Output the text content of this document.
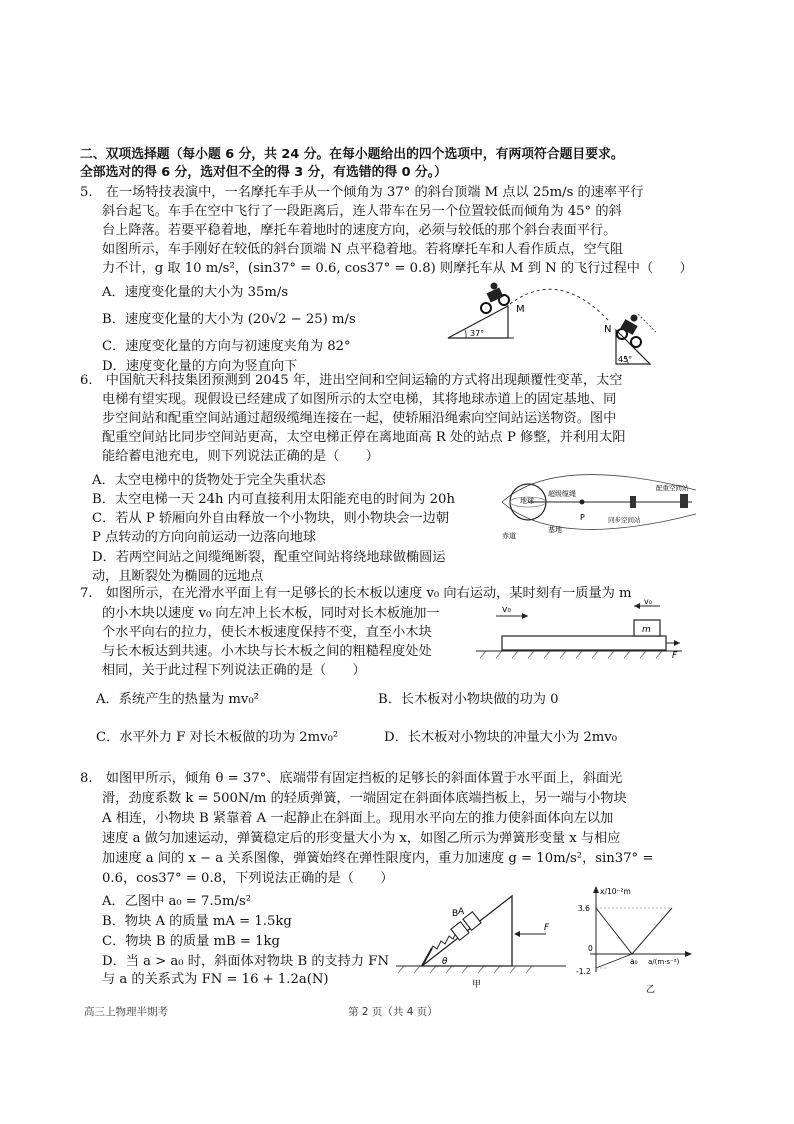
二、双项选择题（每小题 6 分，共 24 分。在每小题给出的四个选项中，有两项符合题目要求。
全部选对的得 6 分，选对但不全的得 3 分，有选错的得 0 分。）
5.　在一场特技表演中，一名摩托车手从一个倾角为 37° 的斜台顶端 M 点以 25m/s 的速率平行
斜台起飞。车手在空中飞行了一段距离后，连人带车在另一个位置较低而倾角为 45° 的斜
台上降落。若要平稳着地，摩托车着地时的速度方向，必须与较低的那个斜台表面平行。
如图所示，车手刚好在较低的斜台顶端 N 点平稳着地。若将摩托车和人看作质点，空气阻
力不计，g 取 10 m/s²，(sin37° = 0.6, cos37° = 0.8) 则摩托车从 M 到 N 的飞行过程中（　　）
A．速度变化量的大小为 35m/s
B．速度变化量的大小为 (20√2 − 25) m/s
C．速度变化量的方向与初速度夹角为 82°
D．速度变化量的方向为竖直向下
37°
M
45°
N
6.　中国航天科技集团预测到 2045 年，进出空间和空间运输的方式将出现颠覆性变革，太空
电梯有望实现。现假设已经建成了如图所示的太空电梯，其将地球赤道上的固定基地、同
步空间站和配重空间站通过超级缆绳连接在一起，使轿厢沿绳索向空间站运送物资。图中
配重空间站比同步空间站更高，太空电梯正停在离地面高 R 处的站点 P 修整，并利用太阳
能给蓄电池充电，则下列说法正确的是（　　）
A．太空电梯中的货物处于完全失重状态
B．太空电梯一天 24h 内可直接利用太阳能充电的时间为 20h
C．若从 P 轿厢向外自由释放一个小物块，则小物块会一边朝
P 点转动的方向向前运动一边落向地球
D．若两空间站之间缆绳断裂，配重空间站将绕地球做椭圆运
动，且断裂处为椭圆的远地点
超级缆绳
P
地球
基地
赤道
同步空间站
配重空间站
7.　如图所示，在光滑水平面上有一足够长的长木板以速度 v₀ 向右运动，某时刻有一质量为 m
的小木块以速度 v₀ 向左冲上长木板，同时对长木板施加一
个水平向右的拉力，使长木板速度保持不变，直至小木块
与长木板达到共速。小木块与长木板之间的粗糙程度处处
相同，关于此过程下列说法正确的是（　　）
A．系统产生的热量为 mv₀²	B．长木板对小物块做的功为 0
C．水平外力 F 对长木板做的功为 2mv₀²	D．长木板对小物块的冲量大小为 2mv₀
v₀
m
v₀
F
8.　如图甲所示，倾角 θ = 37°、底端带有固定挡板的足够长的斜面体置于水平面上，斜面光
滑，劲度系数 k = 500N/m 的轻质弹簧，一端固定在斜面体底端挡板上，另一端与小物块
A 相连，小物块 B 紧靠着 A 一起静止在斜面上。现用水平向左的推力使斜面体向左以加
速度 a 做匀加速运动，弹簧稳定后的形变量大小为 x，如图乙所示为弹簧形变量 x 与相应
加速度 a 间的 x − a 关系图像，弹簧始终在弹性限度内，重力加速度 g = 10m/s²，sin37° =
0.6，cos37° = 0.8，下列说法正确的是（　　）
A．乙图中 a₀ = 7.5m/s²
B．物块 A 的质量 mA = 1.5kg
C．物块 B 的质量 mB = 1kg
D．当 a > a₀ 时，斜面体对物块 B 的支持力 FN
与 a 的关系式为 FN = 16 + 1.2a(N)
A
B
θ
F
甲
x/10⁻²m
3.6
-1.2
0
a₀ a/(m·s⁻²)
乙
高三上物理半期考	第 2 页（共 4 页）
